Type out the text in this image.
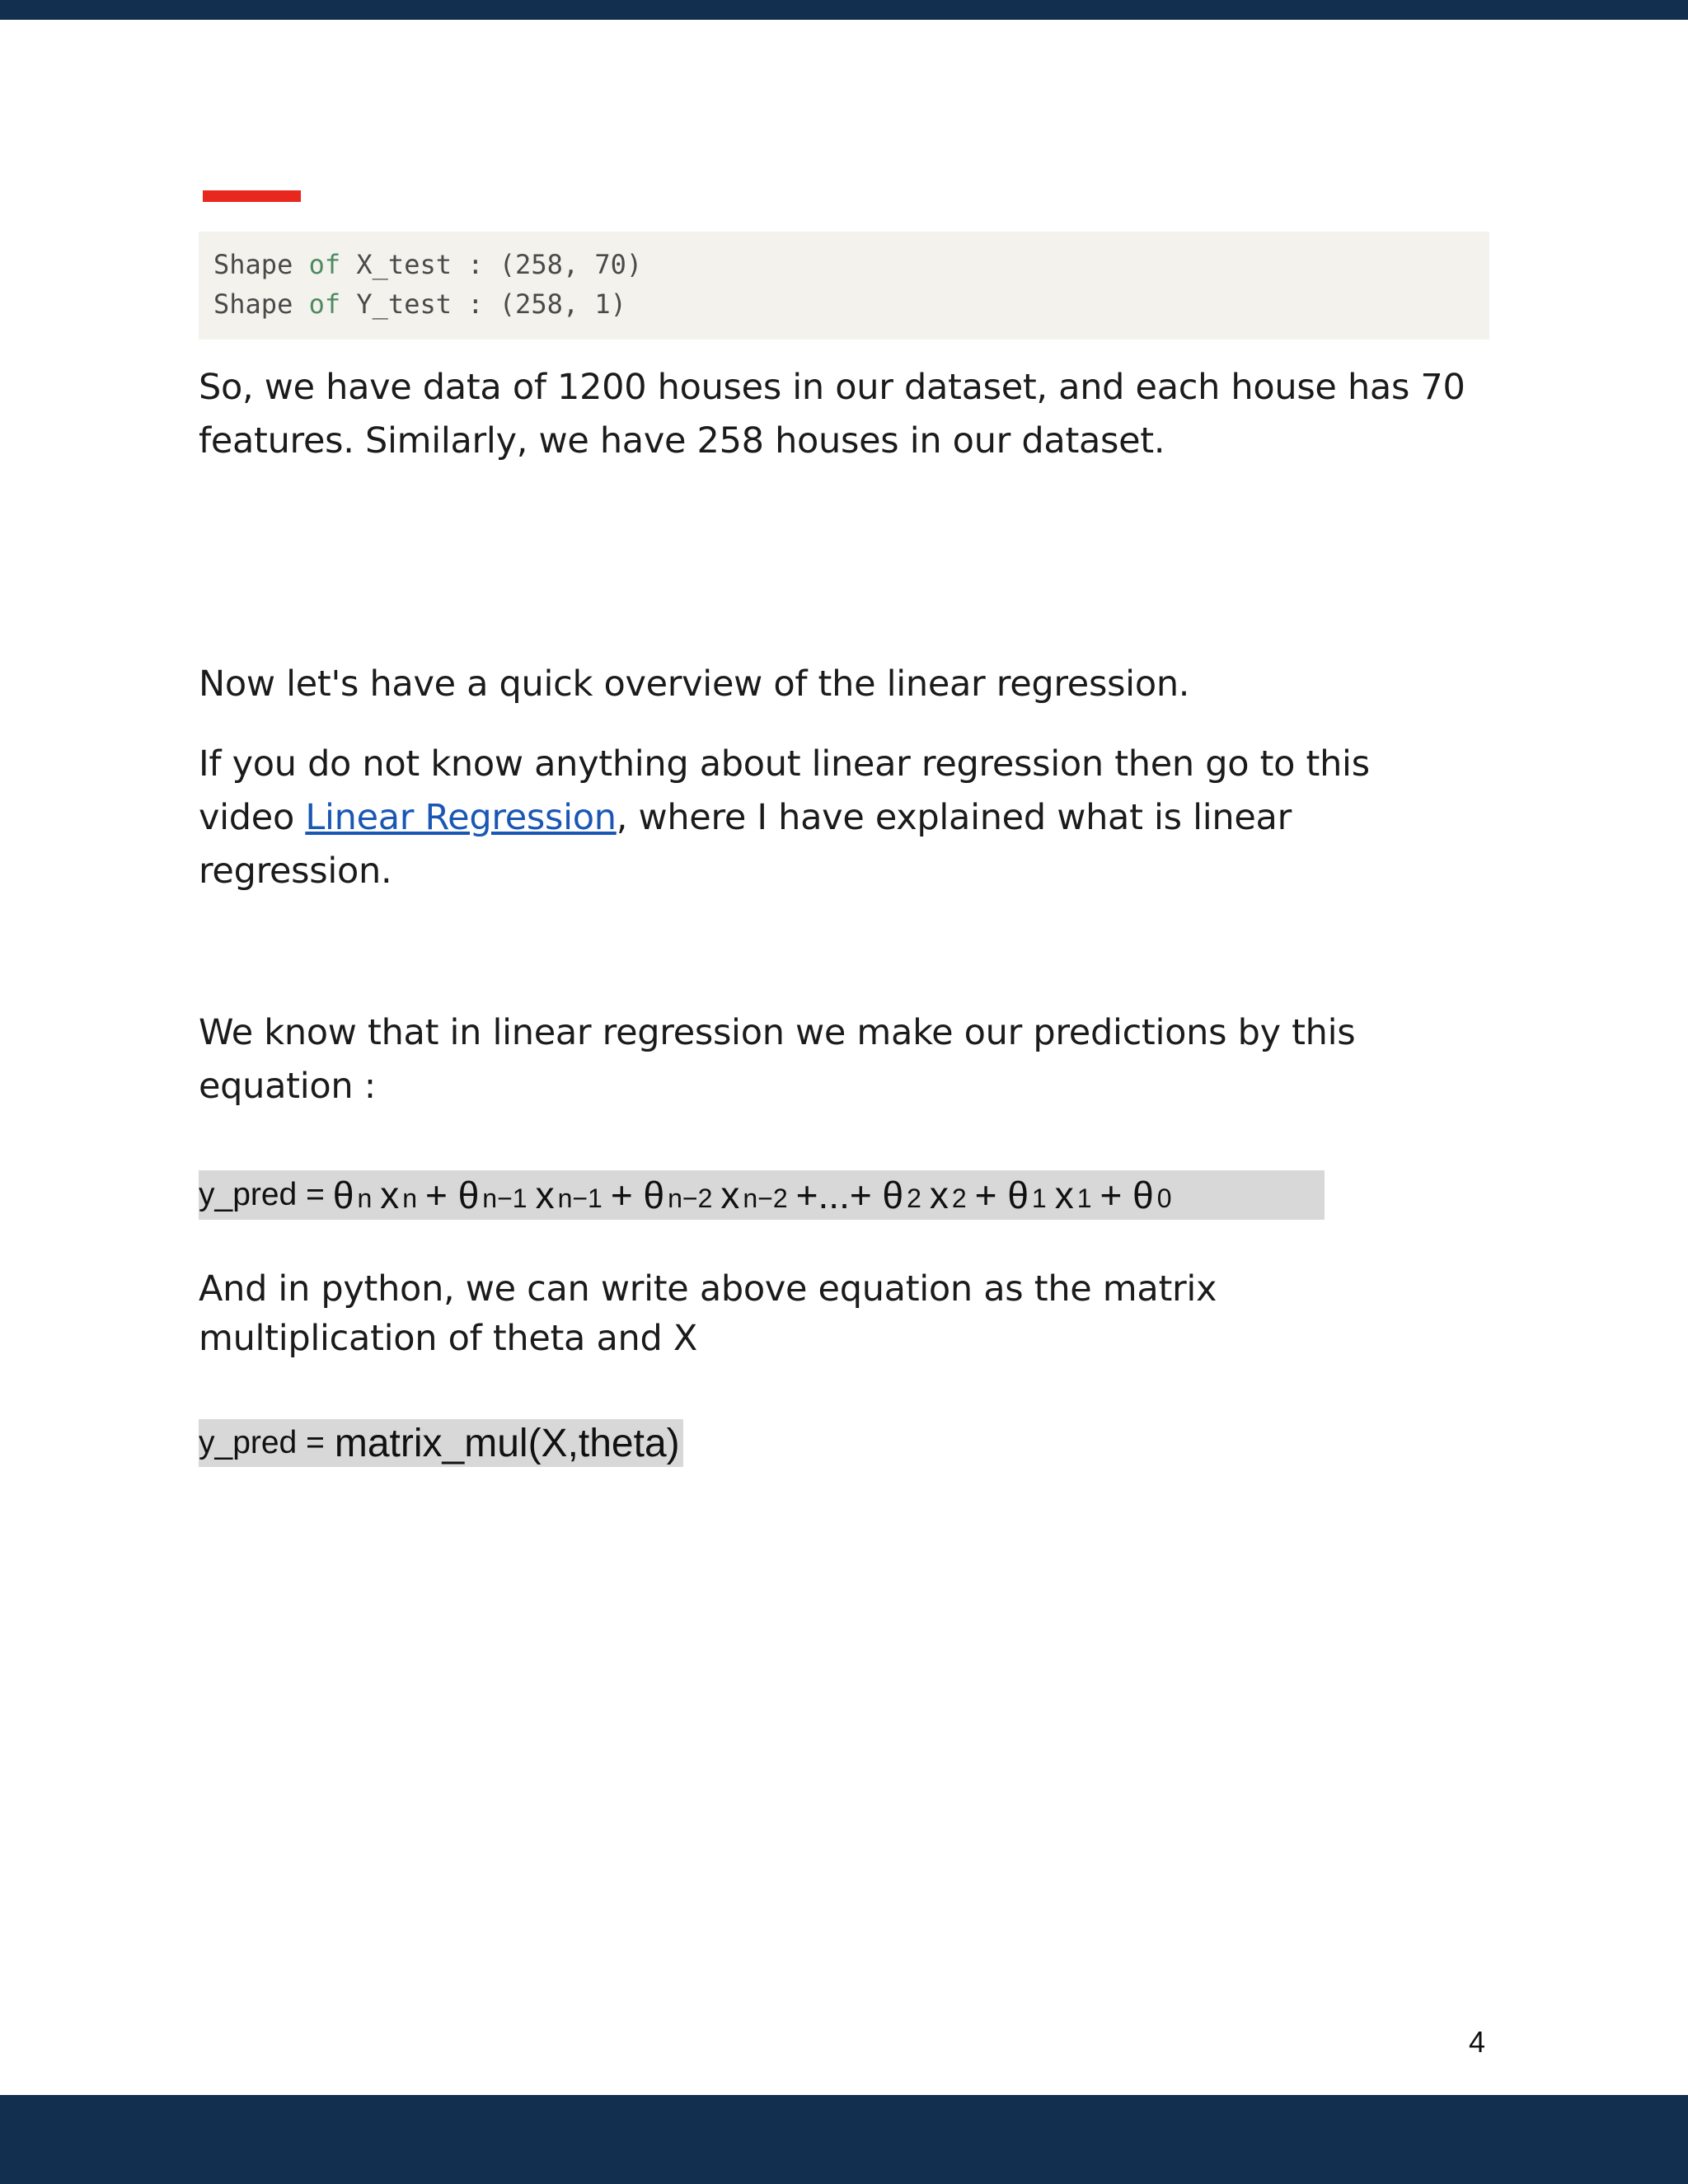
Shape of X_test : (258, 70)
Shape of Y_test : (258, 1)
So, we have data of 1200 houses in our dataset, and each house has 70
features. Similarly, we have 258 houses in our dataset.
Now let's have a quick overview of the linear regression.
If you do not know anything about linear regression then go to this
video Linear Regression, where I have explained what is linear
regression.
We know that in linear regression we make our predictions by this
equation :
y_pred = θ n x n + θ n−1 x n−1 + θ n−2 x n−2 +...+ θ 2 x 2 + θ 1 x 1 + θ 0
And in python, we can write above equation as the matrix
multiplication of theta and X
y_pred = matrix_mul(X,theta)
4
